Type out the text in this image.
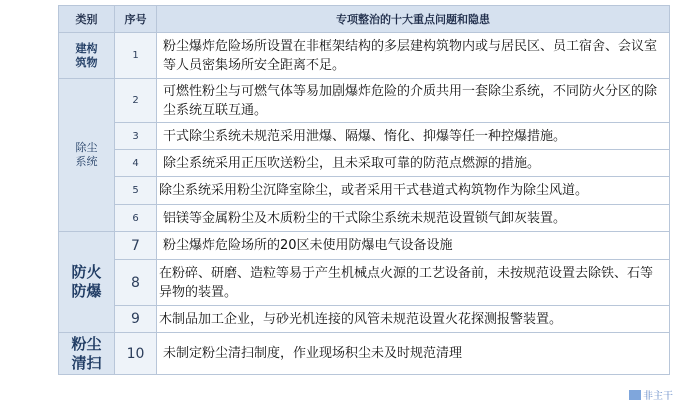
类别	序号	专项整治的十大重点问题和隐患
建构筑物	1	粉尘爆炸危险场所设置在非框架结构的多层建构筑物内或与居民区、员工宿舍、会议室等人员密集场所安全距离不足。
除尘系统	2	可燃性粉尘与可燃气体等易加剧爆炸危险的介质共用一套除尘系统，不同防火分区的除尘系统互联互通。
	3	干式除尘系统未规范采用泄爆、隔爆、惰化、抑爆等任一种控爆措施。
	4	除尘系统采用正压吹送粉尘，且未采取可靠的防范点燃源的措施。
	5	除尘系统采用粉尘沉降室除尘，或者采用干式巷道式构筑物作为除尘风道。
	6	铝镁等金属粉尘及木质粉尘的干式除尘系统未规范设置锁气卸灰装置。
防火防爆	7	粉尘爆炸危险场所的20区未使用防爆电气设备设施
	8	在粉碎、研磨、造粒等易于产生机械点火源的工艺设备前，未按规范设置去除铁、石等异物的装置。
	9	木制品加工企业，与砂光机连接的风管未规范设置火花探测报警装置。
粉尘清扫	10	未制定粉尘清扫制度，作业现场积尘未及时规范清理
非主干
